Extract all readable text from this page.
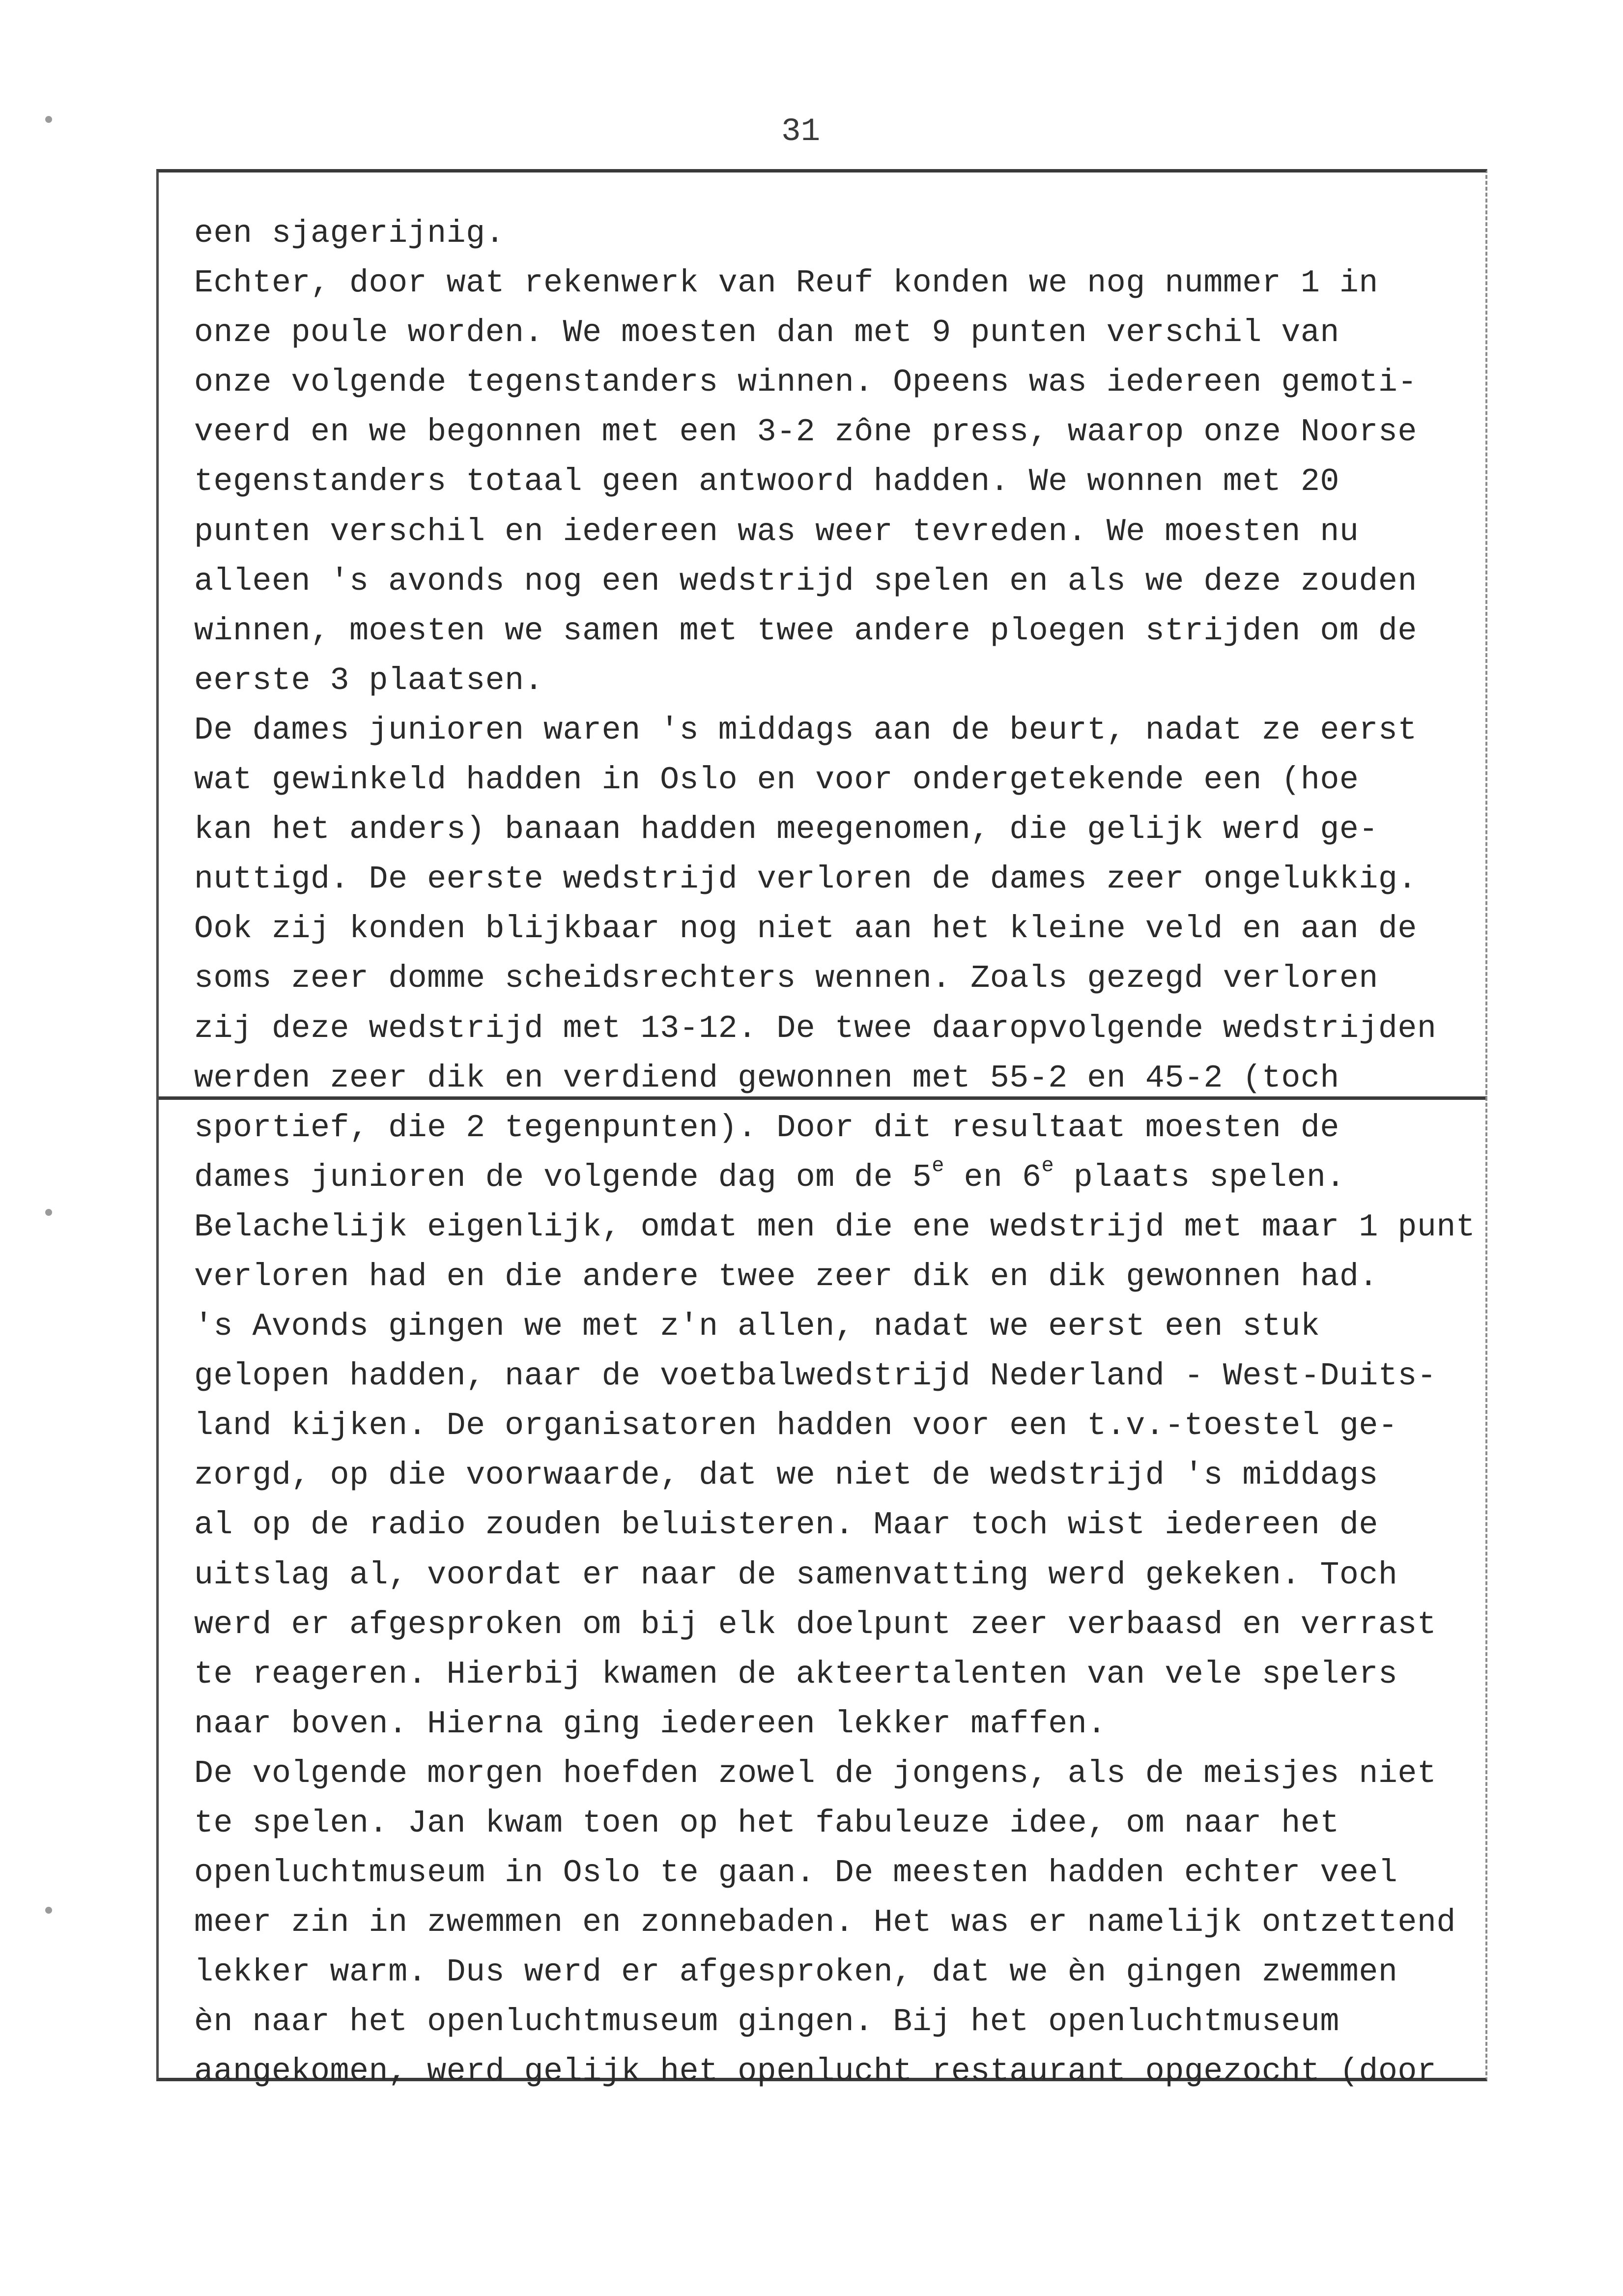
31
een sjagerijnig.
Echter, door wat rekenwerk van Reuf konden we nog nummer 1 in
onze poule worden. We moesten dan met 9 punten verschil van
onze volgende tegenstanders winnen. Opeens was iedereen gemoti-
veerd en we begonnen met een 3-2 zône press, waarop onze Noorse
tegenstanders totaal geen antwoord hadden. We wonnen met 20
punten verschil en iedereen was weer tevreden. We moesten nu
alleen 's avonds nog een wedstrijd spelen en als we deze zouden
winnen, moesten we samen met twee andere ploegen strijden om de
eerste 3 plaatsen.
De dames junioren waren 's middags aan de beurt, nadat ze eerst
wat gewinkeld hadden in Oslo en voor ondergetekende een (hoe
kan het anders) banaan hadden meegenomen, die gelijk werd ge-
nuttigd. De eerste wedstrijd verloren de dames zeer ongelukkig.
Ook zij konden blijkbaar nog niet aan het kleine veld en aan de
soms zeer domme scheidsrechters wennen. Zoals gezegd verloren
zij deze wedstrijd met 13-12. De twee daaropvolgende wedstrijden
werden zeer dik en verdiend gewonnen met 55-2 en 45-2 (toch
sportief, die 2 tegenpunten). Door dit resultaat moesten de
dames junioren de volgende dag om de 5e en 6e plaats spelen.
Belachelijk eigenlijk, omdat men die ene wedstrijd met maar 1 punt
verloren had en die andere twee zeer dik en dik gewonnen had.
's Avonds gingen we met z'n allen, nadat we eerst een stuk
gelopen hadden, naar de voetbalwedstrijd Nederland - West-Duits-
land kijken. De organisatoren hadden voor een t.v.-toestel ge-
zorgd, op die voorwaarde, dat we niet de wedstrijd 's middags
al op de radio zouden beluisteren. Maar toch wist iedereen de
uitslag al, voordat er naar de samenvatting werd gekeken. Toch
werd er afgesproken om bij elk doelpunt zeer verbaasd en verrast
te reageren. Hierbij kwamen de akteertalenten van vele spelers
naar boven. Hierna ging iedereen lekker maffen.
De volgende morgen hoefden zowel de jongens, als de meisjes niet
te spelen. Jan kwam toen op het fabuleuze idee, om naar het
openluchtmuseum in Oslo te gaan. De meesten hadden echter veel
meer zin in zwemmen en zonnebaden. Het was er namelijk ontzettend
lekker warm. Dus werd er afgesproken, dat we èn gingen zwemmen
èn naar het openluchtmuseum gingen. Bij het openluchtmuseum
aangekomen, werd gelijk het openlucht restaurant opgezocht (door
